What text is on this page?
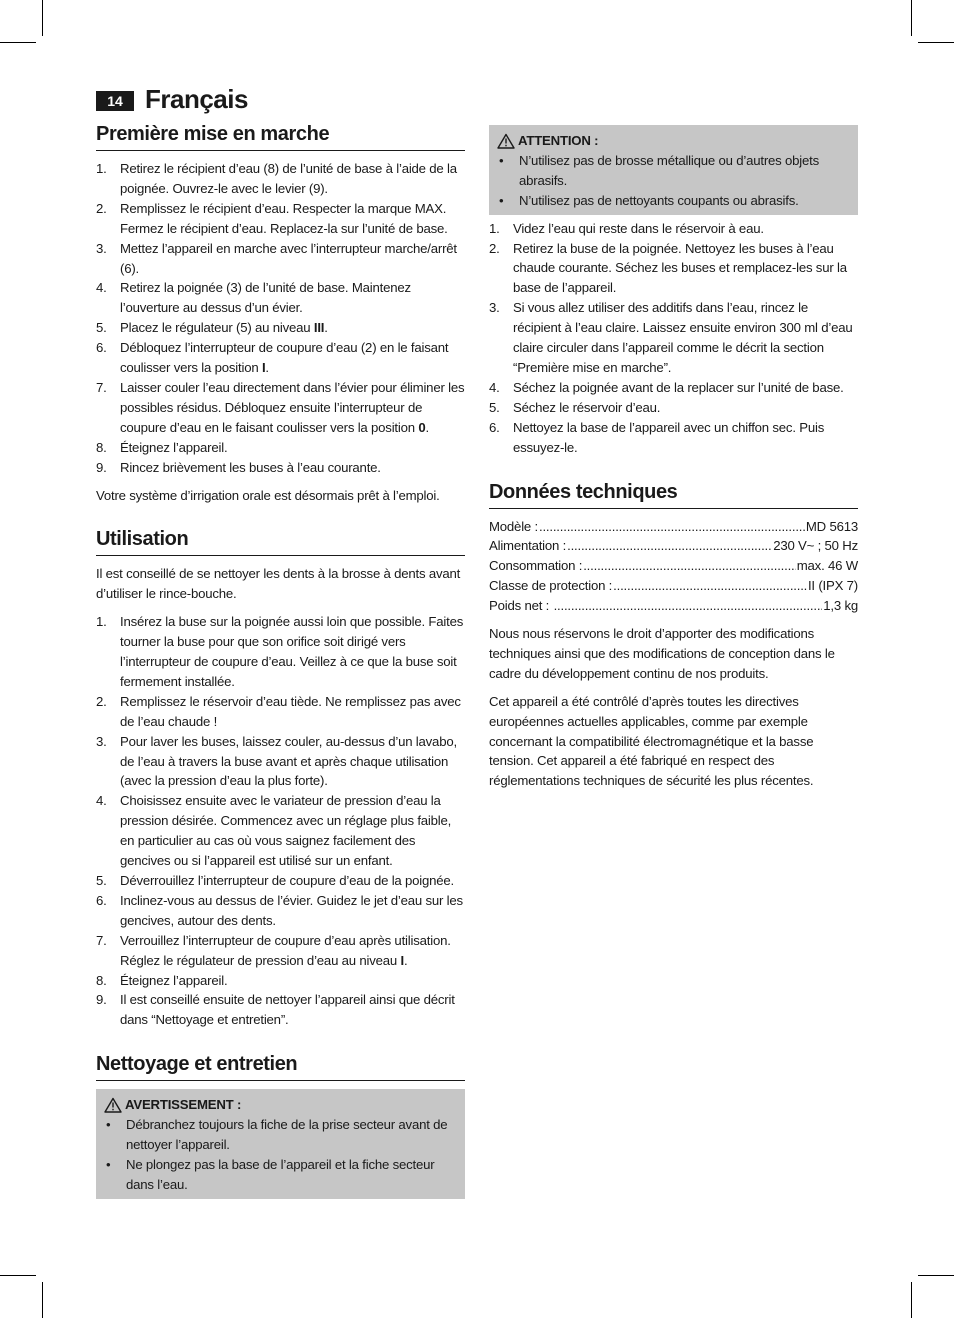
14 Français
Première mise en marche
1. Retirez le récipient d’eau (8) de l’unité de base à l’aide de la poignée. Ouvrez-le avec le levier (9).
2. Remplissez le récipient d’eau. Respecter la marque MAX. Fermez le récipient d’eau. Replacez-la sur l’unité de base.
3. Mettez l’appareil en marche avec l’interrupteur marche/arrêt (6).
4. Retirez la poignée (3) de l’unité de base. Maintenez l’ouverture au dessus d’un évier.
5. Placez le régulateur (5) au niveau III.
6. Débloquez l’interrupteur de coupure d’eau (2) en le faisant coulisser vers la position I.
7. Laisser couler l’eau directement dans l’évier pour éliminer les possibles résidus. Débloquez ensuite l’interrupteur de coupure d’eau en le faisant coulisser vers la position 0.
8. Éteignez l’appareil.
9. Rincez brièvement les buses à l’eau courante.

Votre système d’irrigation orale est désormais prêt à l’emploi.

Utilisation

Il est conseillé de se nettoyer les dents à la brosse à dents avant d’utiliser le rince-bouche.

1. Insérez la buse sur la poignée aussi loin que possible. Faites tourner la buse pour que son orifice soit dirigé vers l’interrupteur de coupure d’eau. Veillez à ce que la buse soit fermement installée.
2. Remplissez le réservoir d’eau tiède. Ne remplissez pas avec de l’eau chaude !
3. Pour laver les buses, laissez couler, au-dessus d’un lavabo, de l’eau à travers la buse avant et après chaque utilisation (avec la pression d’eau la plus forte).
4. Choisissez ensuite avec le variateur de pression d’eau la pression désirée. Commencez avec un réglage plus faible, en particulier au cas où vous saignez facilement des gencives ou si l’appareil est utilisé sur un enfant.
5. Déverrouillez l’interrupteur de coupure d’eau de la poignée.
6. Inclinez-vous au dessus de l’évier. Guidez le jet d’eau sur les gencives, autour des dents.
7. Verrouillez l’interrupteur de coupure d’eau après utilisation. Réglez le régulateur de pression d’eau au niveau I.
8. Éteignez l’appareil.
9. Il est conseillé ensuite de nettoyer l’appareil ainsi que décrit dans “Nettoyage et entretien”.
Nettoyage et entretien
AVERTISSEMENT :
• Débranchez toujours la fiche de la prise secteur avant de nettoyer l’appareil.
• Ne plongez pas la base de l’appareil et la fiche secteur dans l’eau.
ATTENTION :
• N’utilisez pas de brosse métallique ou d’autres objets abrasifs.
• N’utilisez pas de nettoyants coupants ou abrasifs.
1. Videz l’eau qui reste dans le réservoir à eau.
2. Retirez la buse de la poignée. Nettoyez les buses à l’eau chaude courante. Séchez les buses et remplacez-les sur la base de l’appareil.
3. Si vous allez utiliser des additifs dans l’eau, rincez le récipient à l’eau claire. Laissez ensuite environ 300 ml d’eau claire circuler dans l’appareil comme le décrit la section “Première mise en marche”.
4. Séchez la poignée avant de la replacer sur l’unité de base.
5. Séchez le réservoir d’eau.
6. Nettoyez la base de l’appareil avec un chiffon sec. Puis essuyez-le.
Données techniques
Modèle : .....	MD 5613
Alimentation : .....	230 V~ ; 50 Hz
Consommation : .....	max. 46 W
Classe de protection : .....	II (IPX 7)
Poids net : .....	1,3 kg

Nous nous réservons le droit d’apporter des modifications techniques ainsi que des modifications de conception dans le cadre du développement continu de nos produits.

Cet appareil a été contrôlé d’après toutes les directives européennes actuelles applicables, comme par exemple concernant la compatibilité électromagnétique et la basse tension. Cet appareil a été fabriqué en respect des réglementations techniques de sécurité les plus récentes.
